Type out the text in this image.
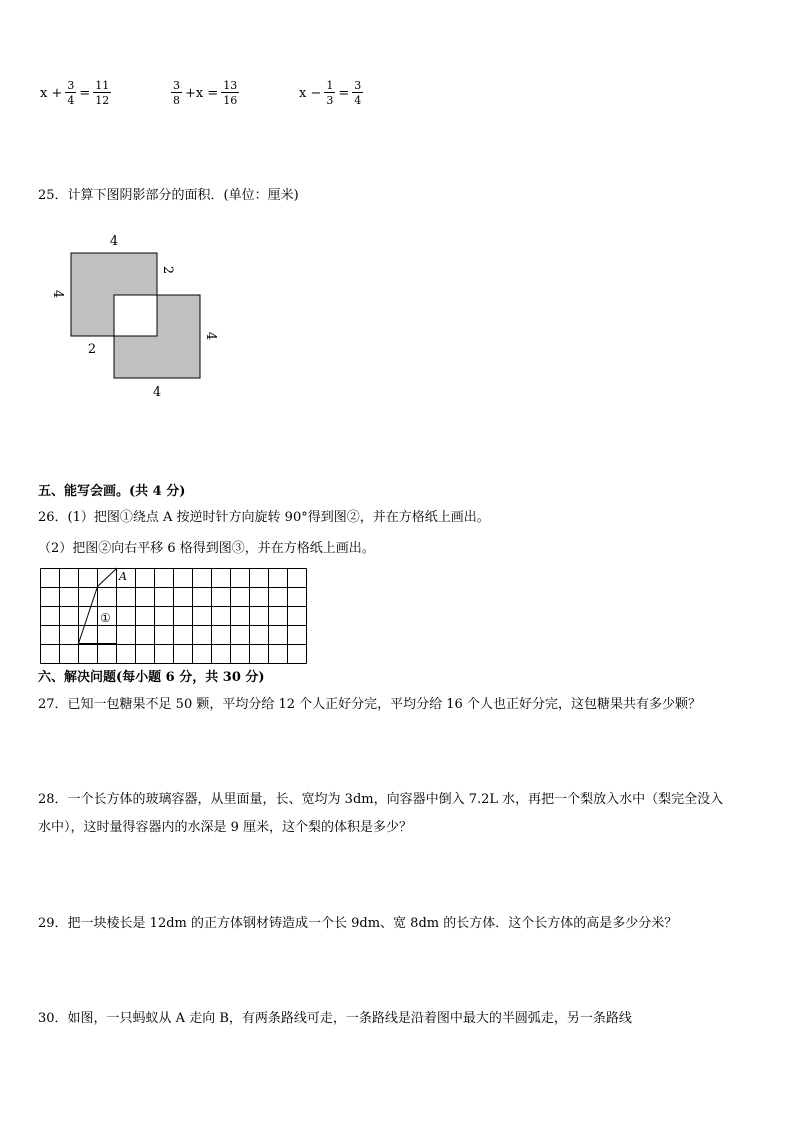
$x + \frac{3}{4} = \frac{11}{12}$	$\frac{3}{8} +x = \frac{13}{16}$	$x - \frac{1}{3} = \frac{3}{4}$
25．计算下图阴影部分的面积．(单位：厘米)
4
2
4
2
4
4
五、能写会画。(共 4 分)
26．(1）把图①绕点 A 按逆时针方向旋转 90°得到图②，并在方格纸上画出。
（2）把图②向右平移 6 格得到图③，并在方格纸上画出。
A
①
六、解决问题(每小题 6 分，共 30 分)
27．已知一包糖果不足 50 颗，平均分给 12 个人正好分完，平均分给 16 个人也正好分完，这包糖果共有多少颗？
28．一个长方体的玻璃容器，从里面量，长、宽均为 3dm，向容器中倒入 7.2L 水，再把一个梨放入水中（梨完全没入
水中），这时量得容器内的水深是 9 厘米，这个梨的体积是多少？
29．把一块棱长是 12dm 的正方体钢材铸造成一个长 9dm、宽 8dm 的长方体．这个长方体的高是多少分米？
30．如图，一只蚂蚁从 A 走向 B，有两条路线可走，一条路线是沿着图中最大的半圆弧走，另一条路线
